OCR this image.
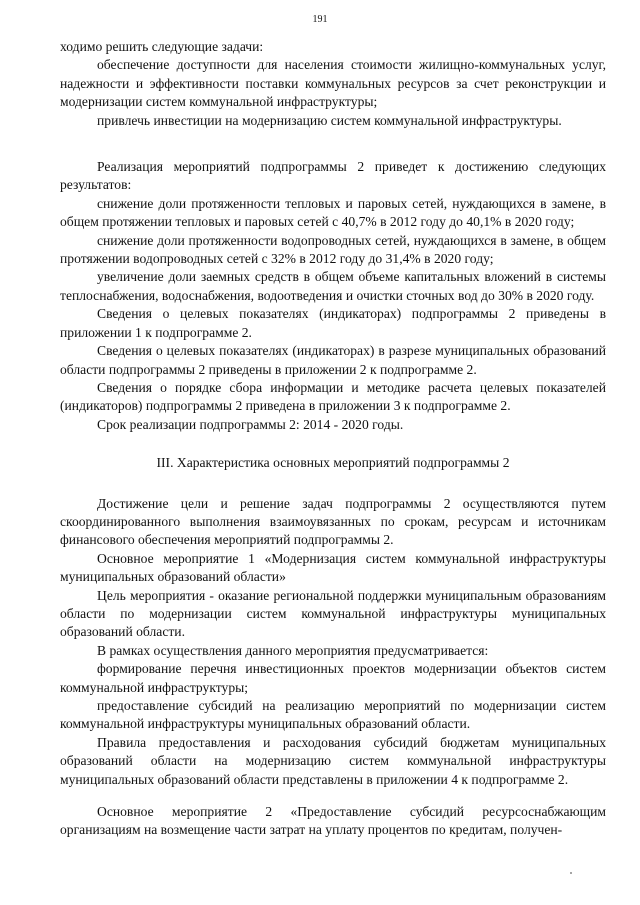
191

ходимо решить следующие задачи:

обеспечение доступности для населения стоимости жилищно-коммунальных услуг, надежности и эффективности поставки коммунальных ресурсов за счет реконструкции и модернизации систем коммунальной инфраструктуры;

привлечь инвестиции на модернизацию систем коммунальной инфраструктуры.

Реализация мероприятий подпрограммы 2 приведет к достижению следующих результатов:

снижение доли протяженности тепловых и паровых сетей, нуждающихся в замене, в общем протяжении тепловых и паровых сетей с 40,7% в 2012 году до 40,1% в 2020 году;

снижение доли протяженности водопроводных сетей, нуждающихся в замене, в общем протяжении водопроводных сетей с 32% в 2012 году до 31,4% в 2020 году;

увеличение доли заемных средств в общем объеме капитальных вложений в системы теплоснабжения, водоснабжения, водоотведения и очистки сточных вод до 30% в 2020 году.

Сведения о целевых показателях (индикаторах) подпрограммы 2 приведены в приложении 1 к подпрограмме 2.

Сведения о целевых показателях (индикаторах) в разрезе муниципальных образований области подпрограммы 2 приведены в приложении 2 к подпрограмме 2.

Сведения о порядке сбора информации и методике расчета целевых показателей (индикаторов) подпрограммы 2 приведена в приложении 3 к подпрограмме 2.

Срок реализации подпрограммы 2: 2014 - 2020 годы.

III. Характеристика основных мероприятий подпрограммы 2

Достижение цели и решение задач подпрограммы 2 осуществляются путем скоординированного выполнения взаимоувязанных по срокам, ресурсам и источникам финансового обеспечения мероприятий подпрограммы 2.

Основное мероприятие 1 «Модернизация систем коммунальной инфраструктуры муниципальных образований области»

Цель мероприятия - оказание региональной поддержки муниципальным образованиям области по модернизации систем коммунальной инфраструктуры муниципальных образований области.

В рамках осуществления данного мероприятия предусматривается:

формирование перечня инвестиционных проектов модернизации объектов систем коммунальной инфраструктуры;

предоставление субсидий на реализацию мероприятий по модернизации систем коммунальной инфраструктуры муниципальных образований области.

Правила предоставления и расходования субсидий бюджетам муниципальных образований области на модернизацию систем коммунальной инфраструктуры муниципальных образований области представлены в приложении 4 к подпрограмме 2.

Основное мероприятие 2 «Предоставление субсидий ресурсоснабжающим организациям на возмещение части затрат на уплату процентов по кредитам, получен-
